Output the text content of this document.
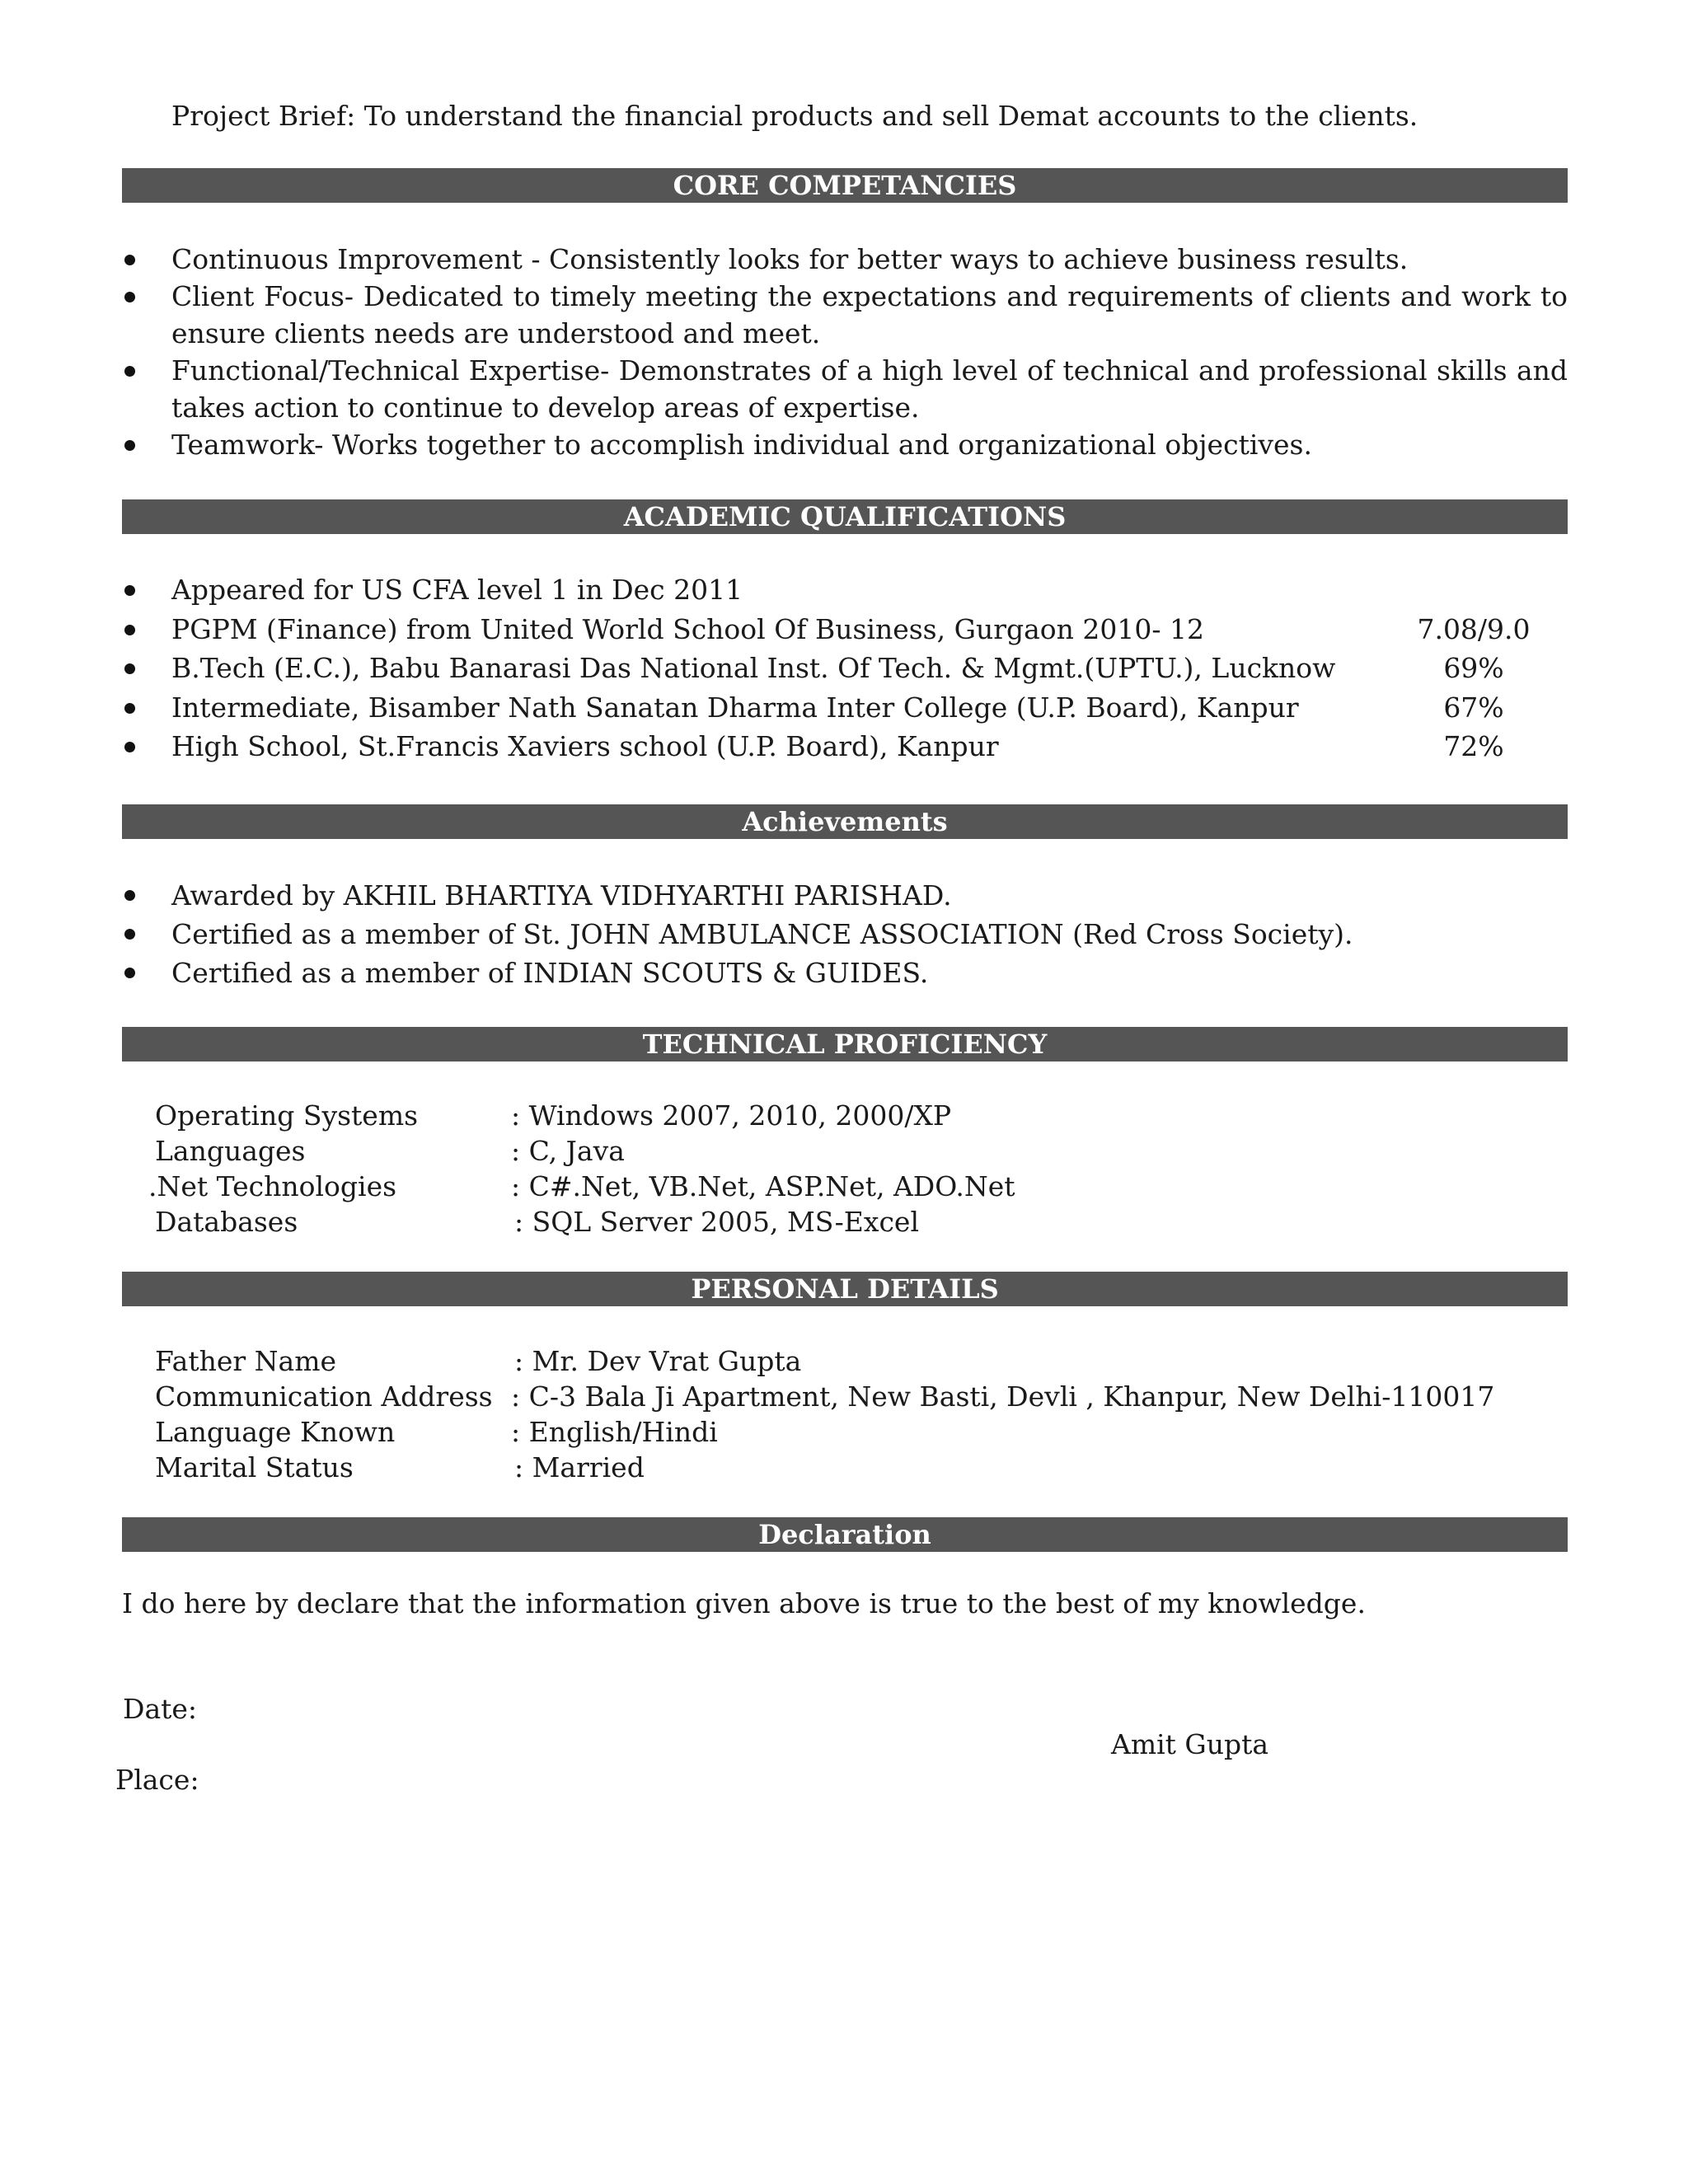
Project Brief: To understand the financial products and sell Demat accounts to the clients.
CORE COMPETANCIES
Continuous Improvement - Consistently looks for better ways to achieve business results.
Client Focus- Dedicated to timely meeting the expectations and requirements of clients and work to ensure clients needs are understood and meet.
Functional/Technical Expertise- Demonstrates of a high level of technical and professional skills and takes action to continue to develop areas of expertise.
Teamwork- Works together to accomplish individual and organizational objectives.
ACADEMIC QUALIFICATIONS
Appeared for US CFA level 1 in Dec 2011
PGPM (Finance) from United World School Of Business, Gurgaon 2010- 12	7.08/9.0
B.Tech (E.C.), Babu Banarasi Das National Inst. Of Tech. & Mgmt.(UPTU.), Lucknow	69%
Intermediate, Bisamber Nath Sanatan Dharma Inter College (U.P. Board), Kanpur	67%
High School, St.Francis Xaviers school (U.P. Board), Kanpur	72%
Achievements
Awarded by AKHIL BHARTIYA VIDHYARTHI PARISHAD.
Certified as a member of St. JOHN AMBULANCE ASSOCIATION (Red Cross Society).
Certified as a member of INDIAN SCOUTS & GUIDES.
TECHNICAL PROFICIENCY
Operating Systems	: Windows 2007, 2010, 2000/XP
Languages	: C, Java
.Net Technologies	: C#.Net, VB.Net, ASP.Net, ADO.Net
Databases	: SQL Server 2005, MS-Excel
PERSONAL DETAILS
Father Name	: Mr. Dev Vrat Gupta
Communication Address : C-3 Bala Ji Apartment, New Basti, Devli , Khanpur, New Delhi-110017
Language Known	: English/Hindi
Marital Status	: Married
Declaration
I do here by declare that the information given above is true to the best of my knowledge.
Date:
Amit Gupta
Place:
